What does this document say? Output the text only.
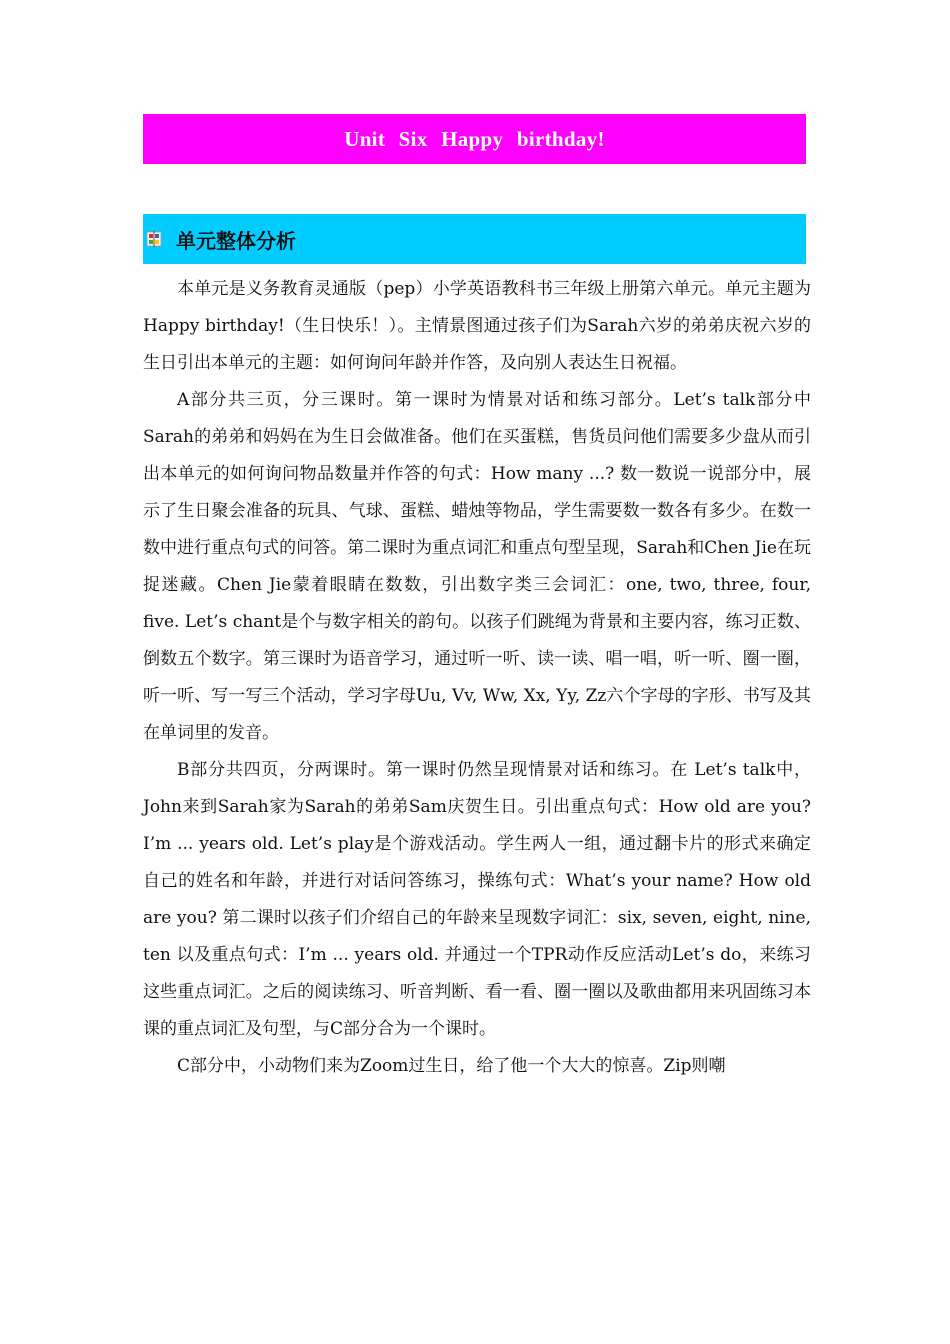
Unit Six Happy birthday!
单元整体分析

本单元是义务教育灵通版（pep）小学英语教科书三年级上册第六单元。单元主题为Happy birthday!（生日快乐！）。主情景图通过孩子们为Sarah六岁的弟弟庆祝六岁的生日引出本单元的主题：如何询问年龄并作答，及向别人表达生日祝福。

A部分共三页，分三课时。第一课时为情景对话和练习部分。Let’s talk部分中Sarah的弟弟和妈妈在为生日会做准备。他们在买蛋糕，售货员问他们需要多少盘从而引出本单元的如何询问物品数量并作答的句式：How many ...? 数一数说一说部分中，展示了生日聚会准备的玩具、气球、蛋糕、蜡烛等物品，学生需要数一数各有多少。在数一数中进行重点句式的问答。第二课时为重点词汇和重点句型呈现，Sarah和Chen Jie在玩捉迷藏。Chen Jie蒙着眼睛在数数，引出数字类三会词汇：one, two, three, four, five. Let’s chant是个与数字相关的韵句。以孩子们跳绳为背景和主要内容，练习正数、倒数五个数字。第三课时为语音学习，通过听一听、读一读、唱一唱，听一听、圈一圈，听一听、写一写三个活动，学习字母Uu, Vv, Ww, Xx, Yy, Zz六个字母的字形、书写及其在单词里的发音。

B部分共四页，分两课时。第一课时仍然呈现情景对话和练习。在 Let’s talk中，John来到Sarah家为Sarah的弟弟Sam庆贺生日。引出重点句式：How old are you? I’m ... years old. Let’s play是个游戏活动。学生两人一组，通过翻卡片的形式来确定自己的姓名和年龄，并进行对话问答练习，操练句式：What’s your name? How old are you? 第二课时以孩子们介绍自己的年龄来呈现数字词汇：six, seven, eight, nine, ten 以及重点句式：I’m ... years old. 并通过一个TPR动作反应活动Let’s do，来练习这些重点词汇。之后的阅读练习、听音判断、看一看、圈一圈以及歌曲都用来巩固练习本课的重点词汇及句型，与C部分合为一个课时。

C部分中，小动物们来为Zoom过生日，给了他一个大大的惊喜。Zip则嘲
